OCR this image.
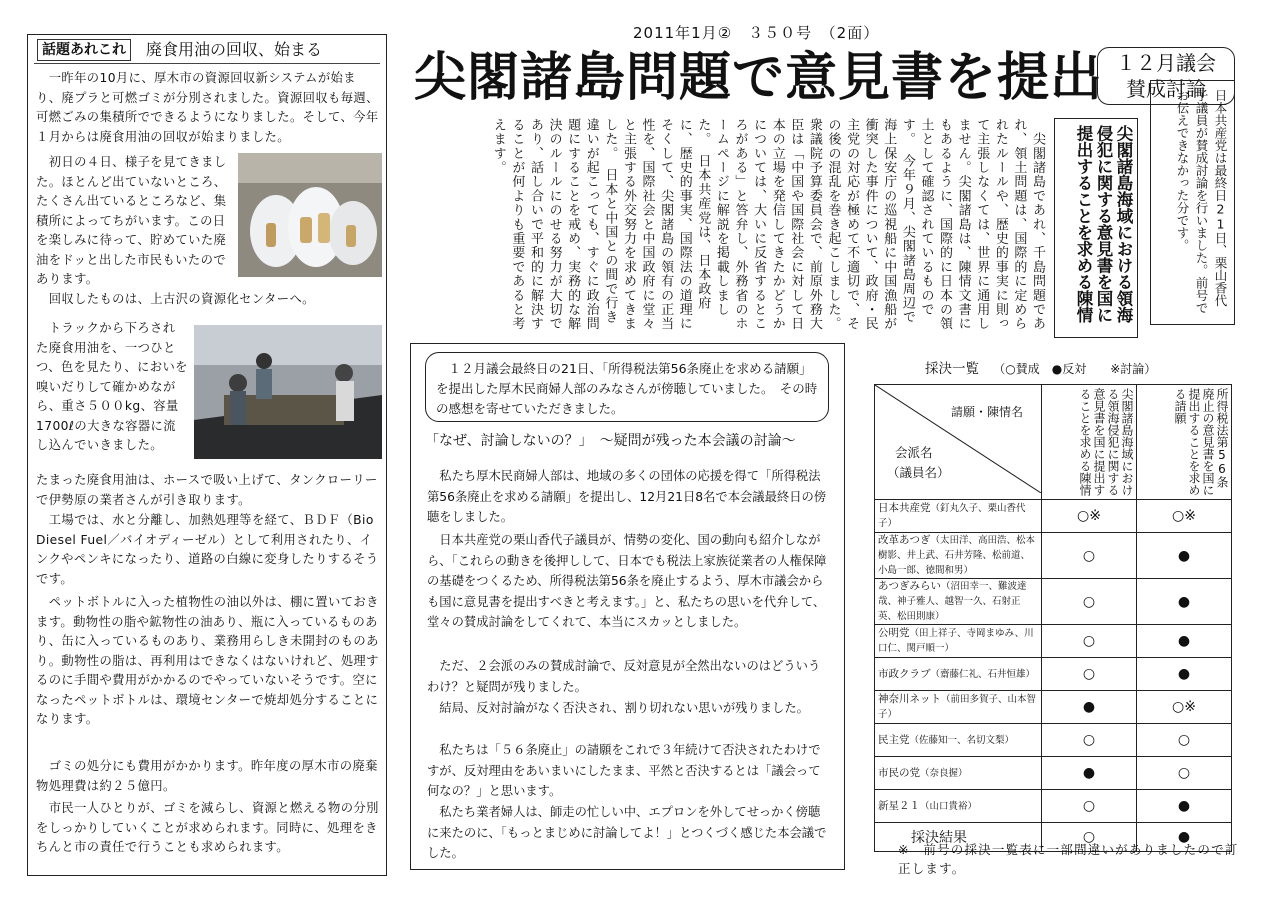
話題あれこれ	廃食用油の回収、始まる

　一昨年の10月に、厚木市の資源回収新システムが始まり、廃プラと可燃ゴミが分別されました。資源回収も毎週、可燃ごみの集積所でできるようになりました。そして、今年１月からは廃食用油の回収が始まりました。

　初日の４日、様子を見てきました。ほとんど出ていないところ、たくさん出ているところなど、集積所によってちがいます。この日を楽しみに待って、貯めていた廃油をドッと出した市民もいたのであります。

　回収したものは、上古沢の資源化センターへ。

　トラックから下ろされた廃食用油を、一つひとつ、色を見たり、においを嗅いだりして確かめながら、重さ５００kg、容量1700ℓの大きな容器に流し込んでいきました。

たまった廃食用油は、ホースで吸い上げて、タンクローリーで伊勢原の業者さんが引き取ります。

　工場では、水と分離し、加熱処理等を経て、ＢＤＦ（Bio Diesel Fuel／バイオディーゼル）として利用されたり、インクやペンキになったり、道路の白線に変身したりするそうです。

　ペットボトルに入った植物性の油以外は、棚に置いておきます。動物性の脂や鉱物性の油あり、瓶に入っているものあり、缶に入っているものあり、業務用らしき未開封のものあり。動物性の脂は、再利用はできなくはないけれど、処理するのに手間や費用がかかるのでやっていないそうです。空になったペットボトルは、環境センターで焼却処分することになります。

　ゴミの処分にも費用がかかります。昨年度の厚木市の廃棄物処理費は約２５億円。

　市民一人ひとりが、ゴミを減らし、資源と燃える物の分別をしっかりしていくことが求められます。同時に、処理をきちんと市の責任で行うことも求められます。

2011年1月②　３５０号　（2面）
尖閣諸島問題で意見書を提出 １２月議会
賛成討論 日本共産党は最終日21日、栗山香代子議員が賛成討論を行いました。前号でお伝えできなかった分です。
尖閣諸島海域における領海侵犯に関する意見書を国に提出することを求める陳情
　尖閣諸島であれ、千島問題であれ、領土問題は、国際的に定められたルールや、歴史的事実に則って主張しなくては、世界に通用しません。尖閣諸島は、陳情文書にもあるように、国際的に日本の領土として確認されているものです。　今年９月、尖閣諸島周辺で海上保安庁の巡視船に中国漁船が衝突した事件について、政府・民主党の対応が極めて不適切で、その後の混乱を巻き起こしました。　衆議院予算委員会で、前原外務大臣は「中国や国際社会に対して日本の立場を発信してきたかどうかについては、大いに反省するところがある」と答弁し、外務省のホームページに解説を掲載しました。　日本共産党は、日本政府に、歴史的事実、国際法の道理にそくして、尖閣諸島の領有の正当性を、国際社会と中国政府に堂々と主張する外交努力を求めてきました。　日本と中国との間で行き違いが起こっても、すぐに政治問題にすることを戒め、実務的な解決のルールにのせる努力が大切であり、話し合いで平和的に解決することが何よりも重要であると考えます。
　１２月議会最終日の21日、「所得税法第56条廃止を求める請願」を提出した厚木民商婦人部のみなさんが傍聴していました。　その時の感想を寄せていただきました。
「なぜ、討論しないの？」　～疑問が残った本会議の討論～

　私たち厚木民商婦人部は、地域の多くの団体の応援を得て「所得税法第56条廃止を求める請願」を提出し、12月21日8名で本会議最終日の傍聴をしました。

　日本共産党の栗山香代子議員が、情勢の変化、国の動向も紹介しながら、「これらの動きを後押しして、日本でも税法上家族従業者の人権保障の基礎をつくるため、所得税法第56条を廃止するよう、厚木市議会からも国に意見書を提出すべきと考えます。」と、私たちの思いを代弁して、堂々の賛成討論をしてくれて、本当にスカッとしました。

　ただ、２会派のみの賛成討論で、反対意見が全然出ないのはどういうわけ？と疑問が残りました。

　結局、反対討論がなく否決され、割り切れない思いが残りました。

　私たちは「５６条廃止」の請願をこれで３年続けて否決されたわけですが、反対理由をあいまいにしたまま、平然と否決するとは「議会って何なの？」と思います。

　私たち業者婦人は、師走の忙しい中、エプロンを外してせっかく傍聴に来たのに、「もっとまじめに討論してよ！」とつくづく感じた本会議でした。

採決一覧 （○賛成　●反対　　※討論）
請願・陳情名
会派名
（議員名）	尖閣諸島海域における領海侵犯に関する意見書を国に提出することを求める陳情	所得税法第56条廃止の意見書を国に提出することを求める請願
日本共産党（釘丸久子、栗山香代子）	○※	○※
改革あつぎ（太田洋、高田浩、松本樹影、井上武、石井芳隆、松前道、小島一郎、徳間和男）	○	●
あつぎみらい（沼田幸一、難波達哉、神子雅人、越智一久、石射正英、松田則康）	○	●
公明党（田上祥子、寺岡まゆみ、川口仁、関戸順一）	○	●
市政クラブ（齋藤仁礼、石井恒雄）	○	●
神奈川ネット（前田多賀子、山本智子）	●	○※
民主党（佐藤知一、名切文梨）	○	○
市民の党（奈良握）	●	○
新星２１（山口貴裕）	○	●
採決結果	○	●
※　前号の採決一覧表に一部間違いがありましたので訂正します。
